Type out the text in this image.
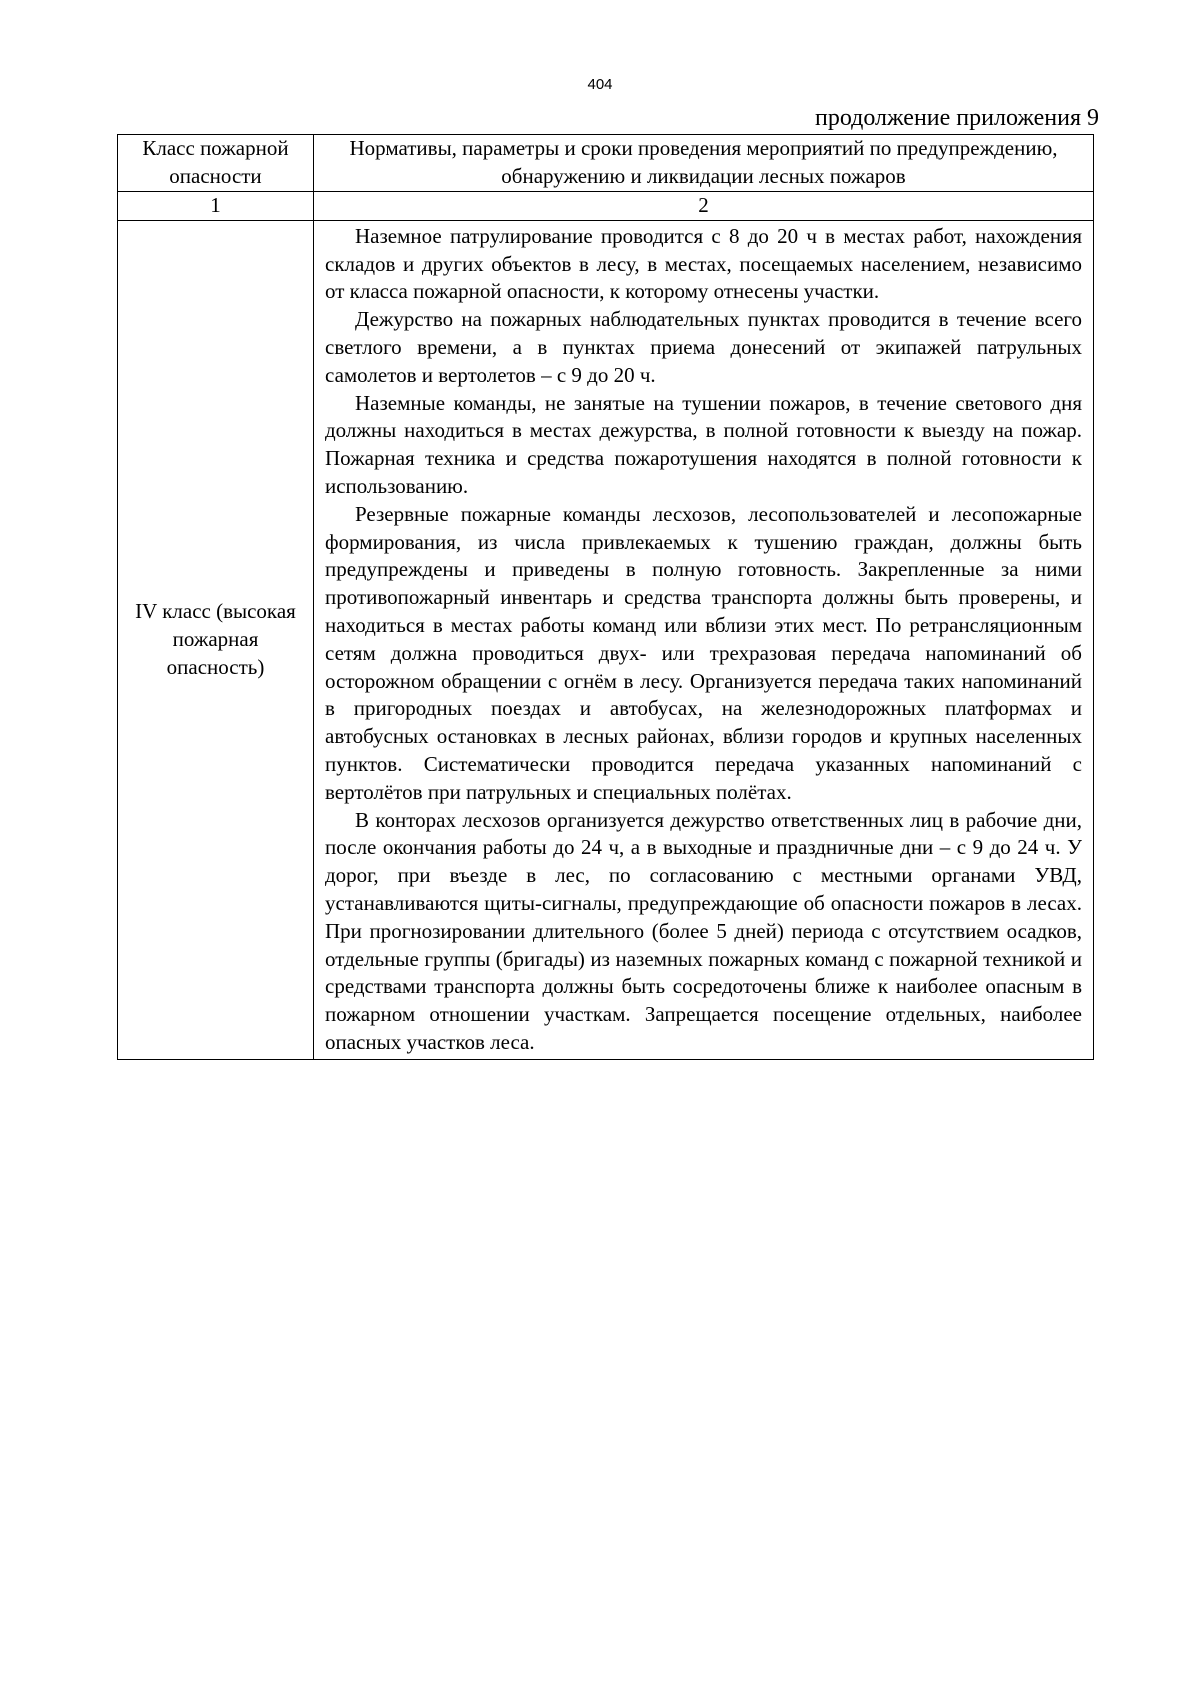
404
продолжение приложения 9
Класс пожарной опасности	Нормативы, параметры и сроки проведения мероприятий по предупреждению, обнаружению и ликвидации лесных пожаров
1	2
IV класс (высокая пожарная опасность)	Наземное патрулирование проводится с 8 до 20 ч в местах работ, нахождения складов и других объектов в лесу, в местах, посещаемых населением, независимо от класса пожарной опасности, к которому отнесены участки.

Дежурство на пожарных наблюдательных пунктах проводится в течение всего светлого времени, а в пунктах приема донесений от экипажей патрульных самолетов и вертолетов – с 9 до 20 ч.

Наземные команды, не занятые на тушении пожаров, в течение светового дня должны находиться в местах дежурства, в полной готовности к выезду на пожар. Пожарная техника и средства пожаротушения находятся в полной готовности к использованию.

Резервные пожарные команды лесхозов, лесопользователей и лесопожарные формирования, из числа привлекаемых к тушению граждан, должны быть предупреждены и приведены в полную готовность. Закрепленные за ними противопожарный инвентарь и средства транспорта должны быть проверены, и находиться в местах работы команд или вблизи этих мест. По ретрансляционным сетям должна проводиться двух- или трехразовая передача напоминаний об осторожном обращении с огнём в лесу. Организуется передача таких напоминаний в пригородных поездах и автобусах, на железнодорожных платформах и автобусных остановках в лесных районах, вблизи городов и крупных населенных пунктов. Систематически проводится передача указанных напоминаний с вертолётов при патрульных и специальных полётах.

В конторах лесхозов организуется дежурство ответственных лиц в рабочие дни, после окончания работы до 24 ч, а в выходные и праздничные дни – с 9 до 24 ч. У дорог, при въезде в лес, по согласованию с местными органами УВД, устанавливаются щиты-сигналы, предупреждающие об опасности пожаров в лесах. При прогнозировании длительного (более 5 дней) периода с отсутствием осадков, отдельные группы (бригады) из наземных пожарных команд с пожарной техникой и средствами транспорта должны быть сосредоточены ближе к наиболее опасным в пожарном отношении участкам. Запрещается посещение отдельных, наиболее опасных участков леса.
